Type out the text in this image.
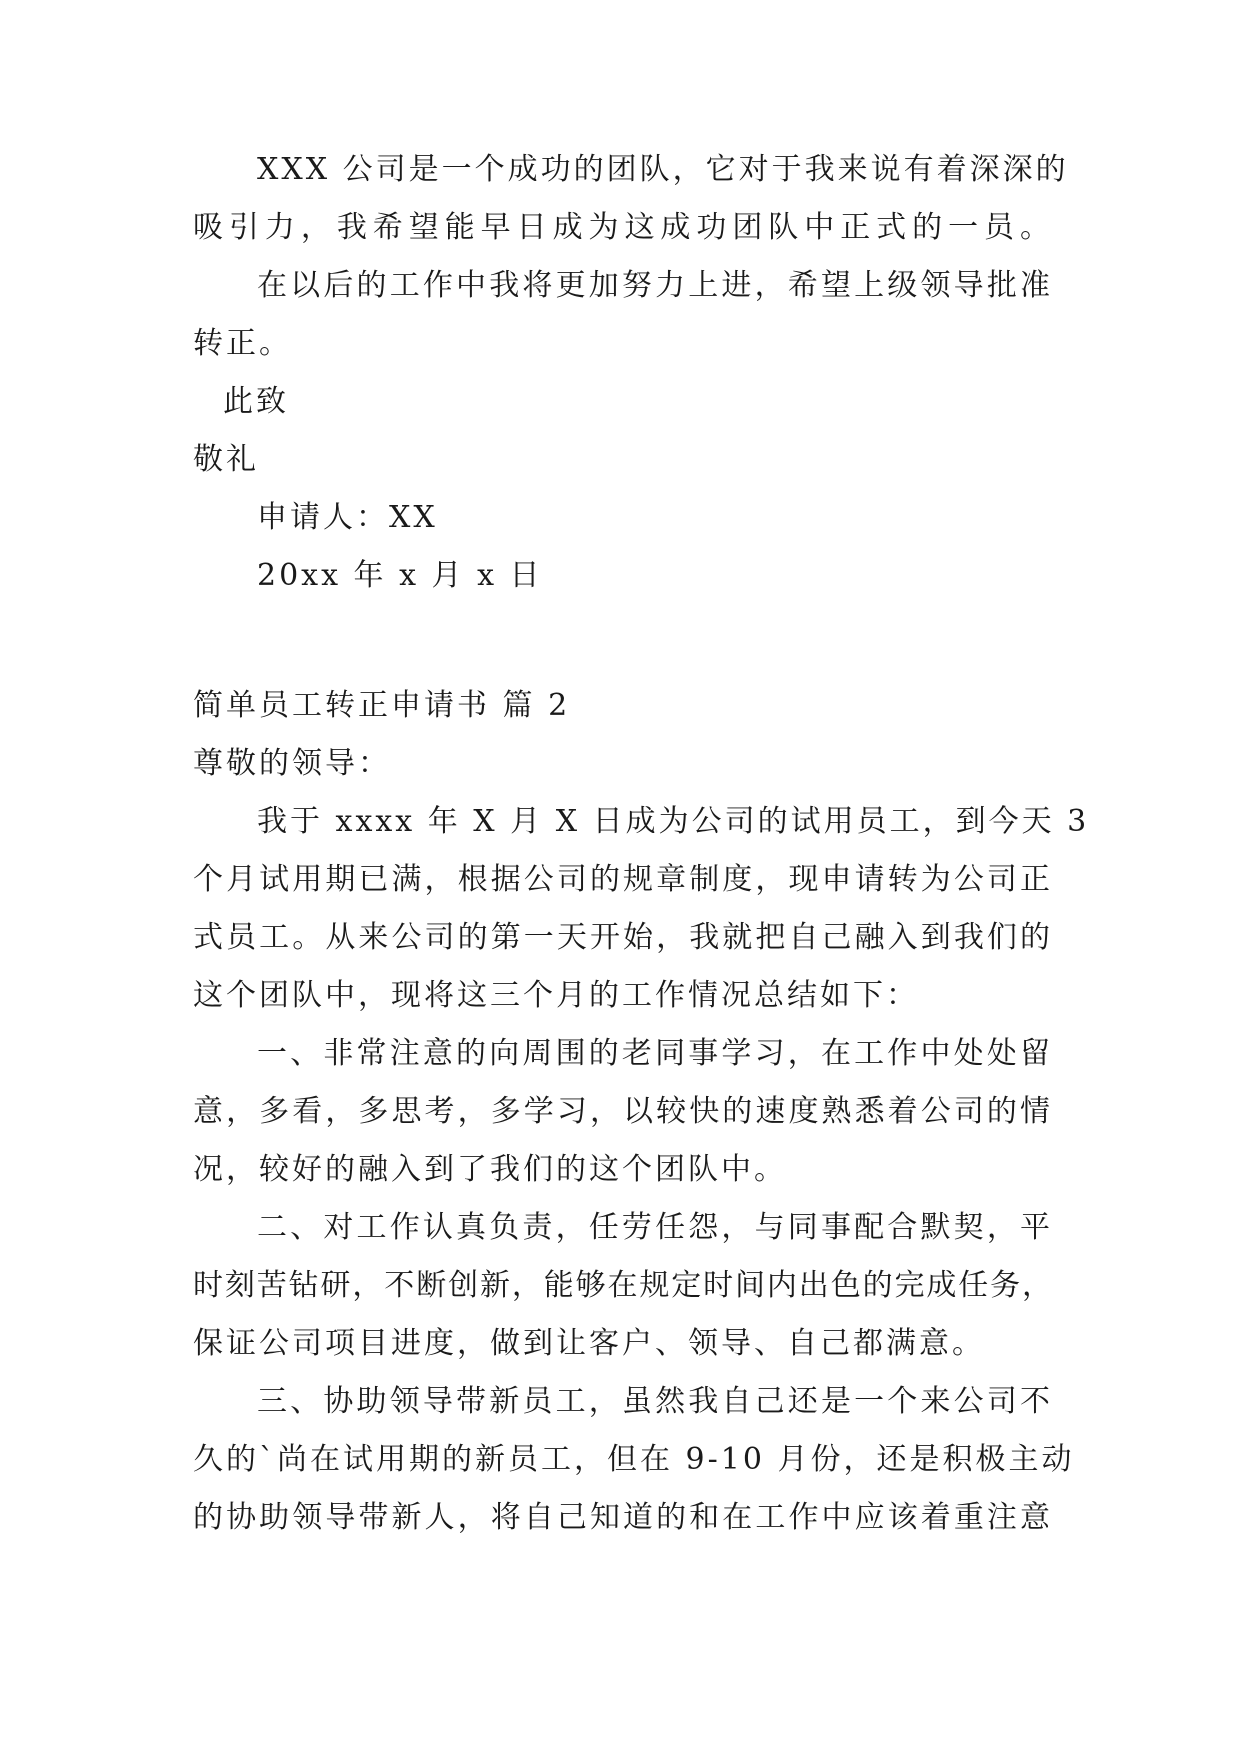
XXX 公司是一个成功的团队，它对于我来说有着深深的
吸引力，我希望能早日成为这成功团队中正式的一员。
在以后的工作中我将更加努力上进，希望上级领导批准
转正。
此致
敬礼
申请人：XX
20xx 年 x 月 x 日
简单员工转正申请书 篇 2
尊敬的领导：
我于 xxxx 年 X 月 X 日成为公司的试用员工，到今天 3
个月试用期已满，根据公司的规章制度，现申请转为公司正
式员工。从来公司的第一天开始，我就把自己融入到我们的
这个团队中，现将这三个月的工作情况总结如下：
一、非常注意的向周围的老同事学习，在工作中处处留
意，多看，多思考，多学习，以较快的速度熟悉着公司的情
况，较好的融入到了我们的这个团队中。
二、对工作认真负责，任劳任怨，与同事配合默契，平
时刻苦钻研，不断创新，能够在规定时间内出色的完成任务，
保证公司项目进度，做到让客户、领导、自己都满意。
三、协助领导带新员工，虽然我自己还是一个来公司不
久的`尚在试用期的新员工，但在 9-10 月份，还是积极主动
的协助领导带新人，将自己知道的和在工作中应该着重注意
